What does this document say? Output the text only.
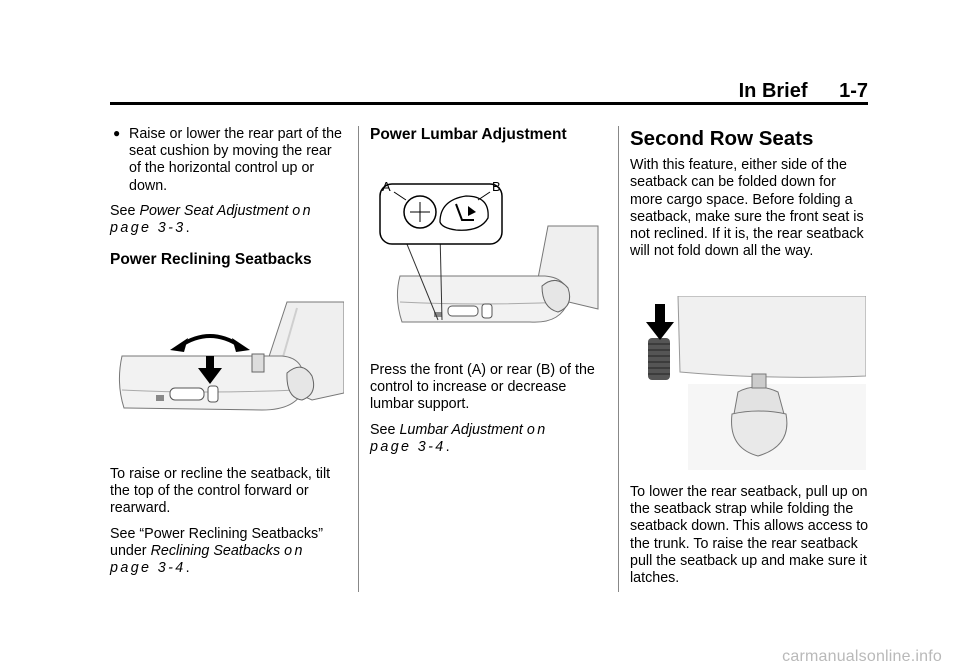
In Brief 1-7

● Raise or lower the rear part of the seat cushion by moving the rear of the horizontal control up or down.

See Power Seat Adjustment on
page 3-3.

Power Reclining Seatbacks

To raise or recline the seatback, tilt the top of the control forward or rearward.

See “Power Reclining Seatbacks” under Reclining Seatbacks on
page 3-4.

Power Lumbar Adjustment
A	B

Press the front (A) or rear (B) of the control to increase or decrease lumbar support.

See Lumbar Adjustment on
page 3-4.

Second Row Seats

With this feature, either side of the seatback can be folded down for more cargo space. Before folding a seatback, make sure the front seat is not reclined. If it is, the rear seatback will not fold down all the way.

To lower the rear seatback, pull up on the seatback strap while folding the seatback down. This allows access to the trunk. To raise the rear seatback pull the seatback up and make sure it latches.

carmanualsonline.info
